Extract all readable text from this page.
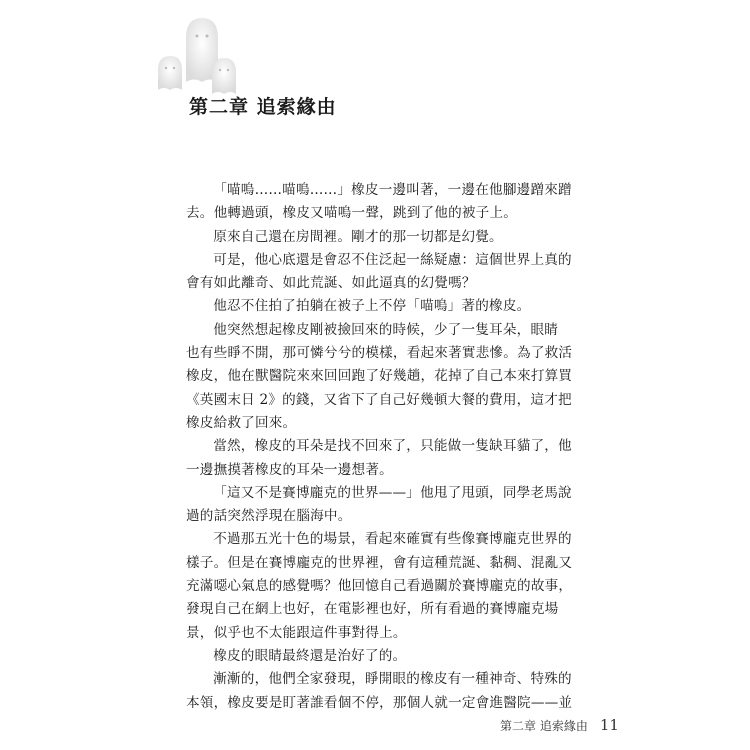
第二章 追索緣由
「喵嗚……喵嗚……」橡皮一邊叫著，一邊在他腳邊蹭來蹭
去。他轉過頭，橡皮又喵嗚一聲，跳到了他的被子上。
原來自己還在房間裡。剛才的那一切都是幻覺。
可是，他心底還是會忍不住泛起一絲疑慮：這個世界上真的
會有如此離奇、如此荒誕、如此逼真的幻覺嗎？
他忍不住拍了拍躺在被子上不停「喵嗚」著的橡皮。
他突然想起橡皮剛被撿回來的時候，少了一隻耳朵，眼睛
也有些睜不開，那可憐兮兮的模樣，看起來著實悲慘。為了救活
橡皮，他在獸醫院來來回回跑了好幾趟，花掉了自己本來打算買
《英國末日 2》的錢，又省下了自己好幾頓大餐的費用，這才把
橡皮給救了回來。
當然，橡皮的耳朵是找不回來了，只能做一隻缺耳貓了，他
一邊撫摸著橡皮的耳朵一邊想著。
「這又不是賽博龐克的世界——」他甩了甩頭，同學老馬說
過的話突然浮現在腦海中。
不過那五光十色的場景，看起來確實有些像賽博龐克世界的
樣子。但是在賽博龐克的世界裡，會有這種荒誕、黏稠、混亂又
充滿噁心氣息的感覺嗎？他回憶自己看過關於賽博龐克的故事，
發現自己在網上也好，在電影裡也好，所有看過的賽博龐克場
景，似乎也不太能跟這件事對得上。
橡皮的眼睛最終還是治好了的。
漸漸的，他們全家發現，睜開眼的橡皮有一種神奇、特殊的
本領，橡皮要是盯著誰看個不停，那個人就一定會進醫院——並
第二章 追索緣由 11
